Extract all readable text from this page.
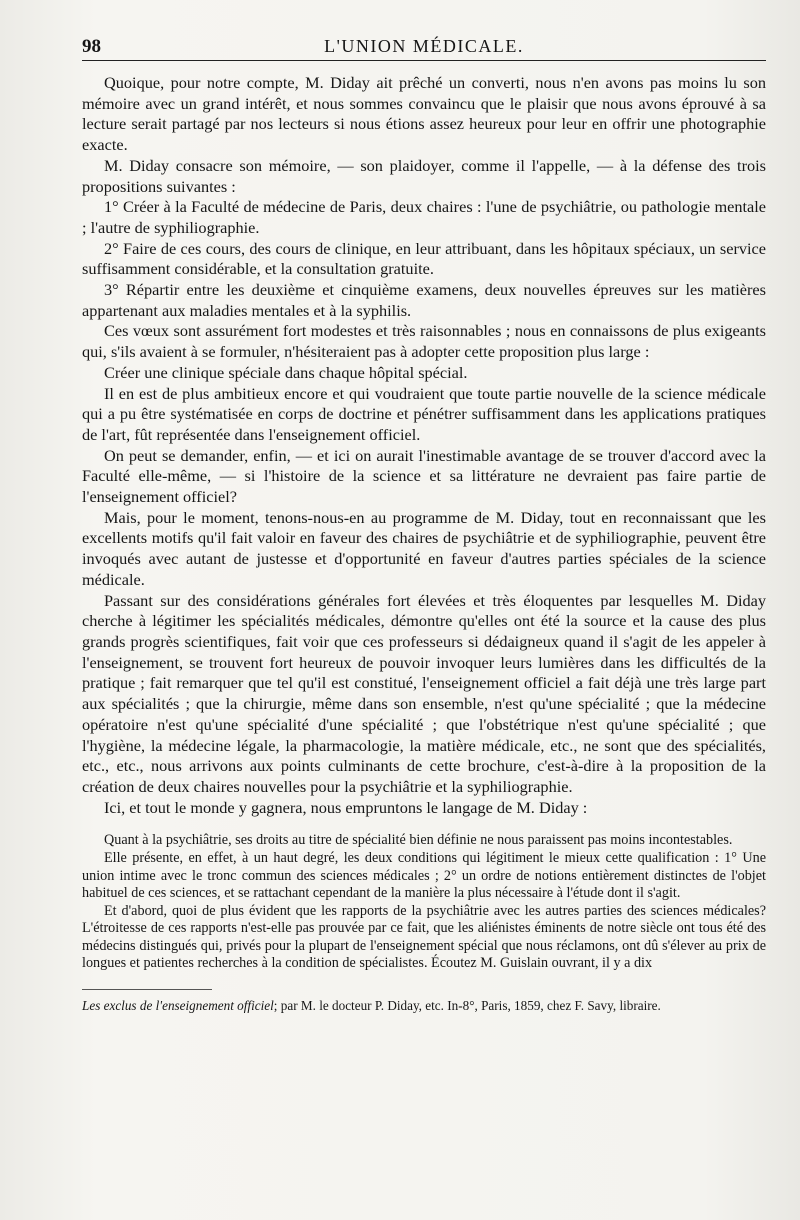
98	L'UNION MÉDICALE.

Quoique, pour notre compte, M. Diday ait prêché un converti, nous n'en avons pas moins lu son mémoire avec un grand intérêt, et nous sommes convaincu que le plaisir que nous avons éprouvé à sa lecture serait partagé par nos lecteurs si nous étions assez heureux pour leur en offrir une photographie exacte.

M. Diday consacre son mémoire, — son plaidoyer, comme il l'appelle, — à la défense des trois propositions suivantes :

1° Créer à la Faculté de médecine de Paris, deux chaires : l'une de psychiâtrie, ou pathologie mentale ; l'autre de syphiliographie.

2° Faire de ces cours, des cours de clinique, en leur attribuant, dans les hôpitaux spéciaux, un service suffisamment considérable, et la consultation gratuite.

3° Répartir entre les deuxième et cinquième examens, deux nouvelles épreuves sur les matières appartenant aux maladies mentales et à la syphilis.

Ces vœux sont assurément fort modestes et très raisonnables ; nous en connaissons de plus exigeants qui, s'ils avaient à se formuler, n'hésiteraient pas à adopter cette proposition plus large :

Créer une clinique spéciale dans chaque hôpital spécial.

Il en est de plus ambitieux encore et qui voudraient que toute partie nouvelle de la science médicale qui a pu être systématisée en corps de doctrine et pénétrer suffisamment dans les applications pratiques de l'art, fût représentée dans l'enseignement officiel.

On peut se demander, enfin, — et ici on aurait l'inestimable avantage de se trouver d'accord avec la Faculté elle-même, — si l'histoire de la science et sa littérature ne devraient pas faire partie de l'enseignement officiel?

Mais, pour le moment, tenons-nous-en au programme de M. Diday, tout en reconnaissant que les excellents motifs qu'il fait valoir en faveur des chaires de psychiâtrie et de syphiliographie, peuvent être invoqués avec autant de justesse et d'opportunité en faveur d'autres parties spéciales de la science médicale.

Passant sur des considérations générales fort élevées et très éloquentes par lesquelles M. Diday cherche à légitimer les spécialités médicales, démontre qu'elles ont été la source et la cause des plus grands progrès scientifiques, fait voir que ces professeurs si dédaigneux quand il s'agit de les appeler à l'enseignement, se trouvent fort heureux de pouvoir invoquer leurs lumières dans les difficultés de la pratique ; fait remarquer que tel qu'il est constitué, l'enseignement officiel a fait déjà une très large part aux spécialités ; que la chirurgie, même dans son ensemble, n'est qu'une spécialité ; que la médecine opératoire n'est qu'une spécialité d'une spécialité ; que l'obstétrique n'est qu'une spécialité ; que l'hygiène, la médecine légale, la pharmacologie, la matière médicale, etc., ne sont que des spécialités, etc., etc., nous arrivons aux points culminants de cette brochure, c'est-à-dire à la proposition de la création de deux chaires nouvelles pour la psychiâtrie et la syphiliographie.

Ici, et tout le monde y gagnera, nous empruntons le langage de M. Diday :

Quant à la psychiâtrie, ses droits au titre de spécialité bien définie ne nous paraissent pas moins incontestables.

Elle présente, en effet, à un haut degré, les deux conditions qui légitiment le mieux cette qualification : 1° Une union intime avec le tronc commun des sciences médicales ; 2° un ordre de notions entièrement distinctes de l'objet habituel de ces sciences, et se rattachant cependant de la manière la plus nécessaire à l'étude dont il s'agit.

Et d'abord, quoi de plus évident que les rapports de la psychiâtrie avec les autres parties des sciences médicales? L'étroitesse de ces rapports n'est-elle pas prouvée par ce fait, que les aliénistes éminents de notre siècle ont tous été des médecins distingués qui, privés pour la plupart de l'enseignement spécial que nous réclamons, ont dû s'élever au prix de longues et patientes recherches à la condition de spécialistes. Écoutez M. Guislain ouvrant, il y a dix

Les exclus de l'enseignement officiel; par M. le docteur P. Diday, etc. In-8°, Paris, 1859, chez F. Savy, libraire.
